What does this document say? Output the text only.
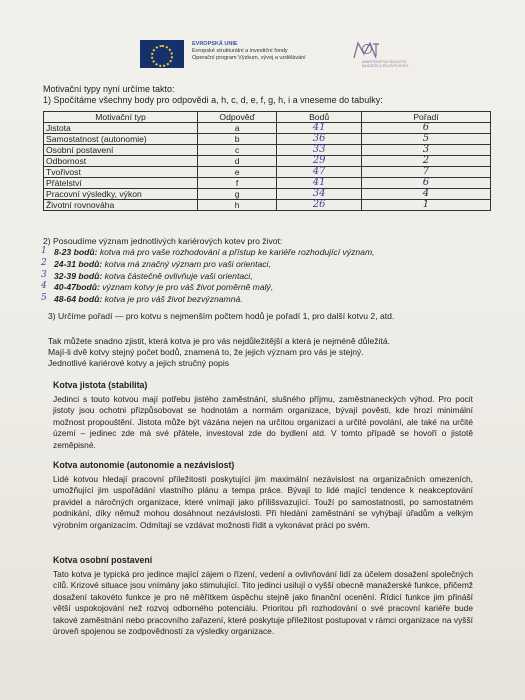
EVROPSKÁ UNIE
Evropské strukturální a investiční fondy
Operační program Výzkum, vývoj a vzdělávání
MINISTERSTVO ŠKOLSTVÍ,
MLÁDEŽE A TĚLOVÝCHOVY
Motivační typy nyní určíme takto:
1) Spočítáme všechny body pro odpovědi a, h, c, d, e, f, g, h, i a vneseme do tabulky:
Motivační typ	Odpověď	Bodů	Pořadí
Jistota	a	41	6
Samostatnost (autonomie)	b	36	5
Osobní postavení	c	33	3
Odbornost	d	29	2
Tvořivost	e	47	7
Přátelství	f	41	6
Pracovní výsledky, výkon	g	34	4
Životní rovnováha	h	26	1
2) Posoudíme význam jednotlivých kariérových kotev pro život:
1
2
3
4
5
8-23 bodů: kotva má pro vaše rozhodování a přístup ke kariéře rozhodující význam,
24-31 bodů: kotva má značný význam pro vaši orientaci,
32-39 bodů: kotva částečně ovlivňuje vaši orientaci,
40-47bodů: význam kotvy je pro váš život poměrně malý,
48-64 bodů: kotva je pro váš život bezvýznamná.
3) Určíme pořadí — pro kotvu s nejmenším počtem hodů je pořadí 1, pro další kotvu 2, atd.
Tak můžete snadno zjistit, která kotva je pro vás nejdůležitější a která je nejméně důležitá.
Mají-li dvě kotvy stejný počet bodů, znamená to, že jejich význam pro vás je stejný.
Jednotlivé kariérové kotvy a jejich stručný popis
Kotva jistota (stabilita)

Jedinci s touto kotvou mají potřebu jistého zaměstnání, slušného příjmu, zaměstnaneckých výhod. Pro pocit jistoty jsou ochotni přizpůsobovat se hodnotám a normám organizace, bývají pověsti, kde hrozí minimální možnost propouštění. Jistota může být vázána nejen na určitou organizaci a určité povolání, ale také na určité území – jedinec zde má své přátele, investoval zde do bydlení atd. V tomto případě se hovoří o jistotě zeměpisné.

Kotva autonomie (autonomie a nezávislost)

Lidé kotvou hledají pracovní příležitosti poskytující jim maximální nezávislost na organizačních omezeních, umožňující jim uspořádání vlastního plánu a tempa práce. Bývají to lidé mající tendence k neakceptování pravidel a náročných organizace, které vnímají jako přílišsvazující. Touží po samostatnosti, po samostatném podnikání, díky němuž mohou dosáhnout nezávislosti. Při hledání zaměstnání se vyhýbají úřadům a velkým výrobním organizacím. Odmítají se vzdávat možnosti řídit a vykonávat práci po svém.

Kotva osobní postavení

Tato kotva je typická pro jedince mající zájem o řízení, vedení a ovlivňování lidí za účelem dosažení společných cílů. Krizové situace jsou vnímány jako stimulující. Tito jedinci usilují o vyšší obecně manažerské funkce, přičemž dosažení takovéto funkce je pro ně měřítkem úspěchu stejně jako finanční ocenění. Řídicí funkce jim přináší větší uspokojování než rozvoj odborného potenciálu. Prioritou při rozhodování o své pracovní kariéře bude takové zaměstnání nebo pracovního zařazení, které poskytuje příležitost postupovat v rámci organizace na vyšší úroveň spojenou se zodpovědností za výsledky organizace.
